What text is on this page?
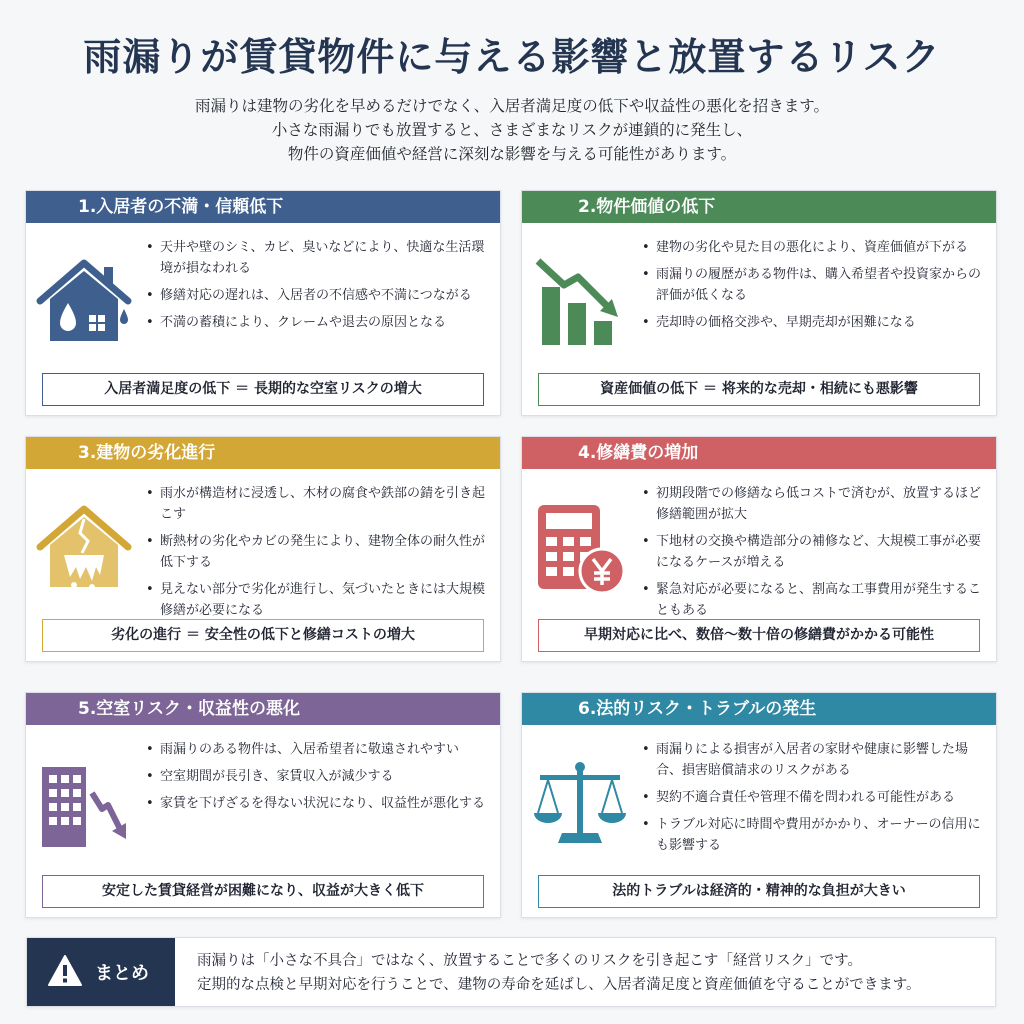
雨漏りが賃貸物件に与える影響と放置するリスク
雨漏りは建物の劣化を早めるだけでなく、入居者満足度の低下や収益性の悪化を招きます。
小さな雨漏りでも放置すると、さまざまなリスクが連鎖的に発生し、
物件の資産価値や経営に深刻な影響を与える可能性があります。
1.入居者の不満・信頼低下
• 天井や壁のシミ、カビ、臭いなどにより、快適な生活環境が損なわれる
• 修繕対応の遅れは、入居者の不信感や不満につながる
• 不満の蓄積により、クレームや退去の原因となる
入居者満足度の低下 ＝ 長期的な空室リスクの増大
2.物件価値の低下
• 建物の劣化や見た目の悪化により、資産価値が下がる
• 雨漏りの履歴がある物件は、購入希望者や投資家からの評価が低くなる
• 売却時の価格交渉や、早期売却が困難になる
資産価値の低下 ＝ 将来的な売却・相続にも悪影響
3.建物の劣化進行
• 雨水が構造材に浸透し、木材の腐食や鉄部の錆を引き起こす
• 断熱材の劣化やカビの発生により、建物全体の耐久性が低下する
• 見えない部分で劣化が進行し、気づいたときには大規模修繕が必要になる
劣化の進行 ＝ 安全性の低下と修繕コストの増大
4.修繕費の増加
• 初期段階での修繕なら低コストで済むが、放置するほど修繕範囲が拡大
• 下地材の交換や構造部分の補修など、大規模工事が必要になるケースが増える
• 緊急対応が必要になると、割高な工事費用が発生することもある
早期対応に比べ、数倍〜数十倍の修繕費がかかる可能性
5.空室リスク・収益性の悪化
• 雨漏りのある物件は、入居希望者に敬遠されやすい
• 空室期間が長引き、家賃収入が減少する
• 家賃を下げざるを得ない状況になり、収益性が悪化する
安定した賃貸経営が困難になり、収益が大きく低下
6.法的リスク・トラブルの発生
• 雨漏りによる損害が入居者の家財や健康に影響した場合、損害賠償請求のリスクがある
• 契約不適合責任や管理不備を問われる可能性がある
• トラブル対応に時間や費用がかかり、オーナーの信用にも影響する
法的トラブルは経済的・精神的な負担が大きい
まとめ
雨漏りは「小さな不具合」ではなく、放置することで多くのリスクを引き起こす「経営リスク」です。
定期的な点検と早期対応を行うことで、建物の寿命を延ばし、入居者満足度と資産価値を守ることができます。
